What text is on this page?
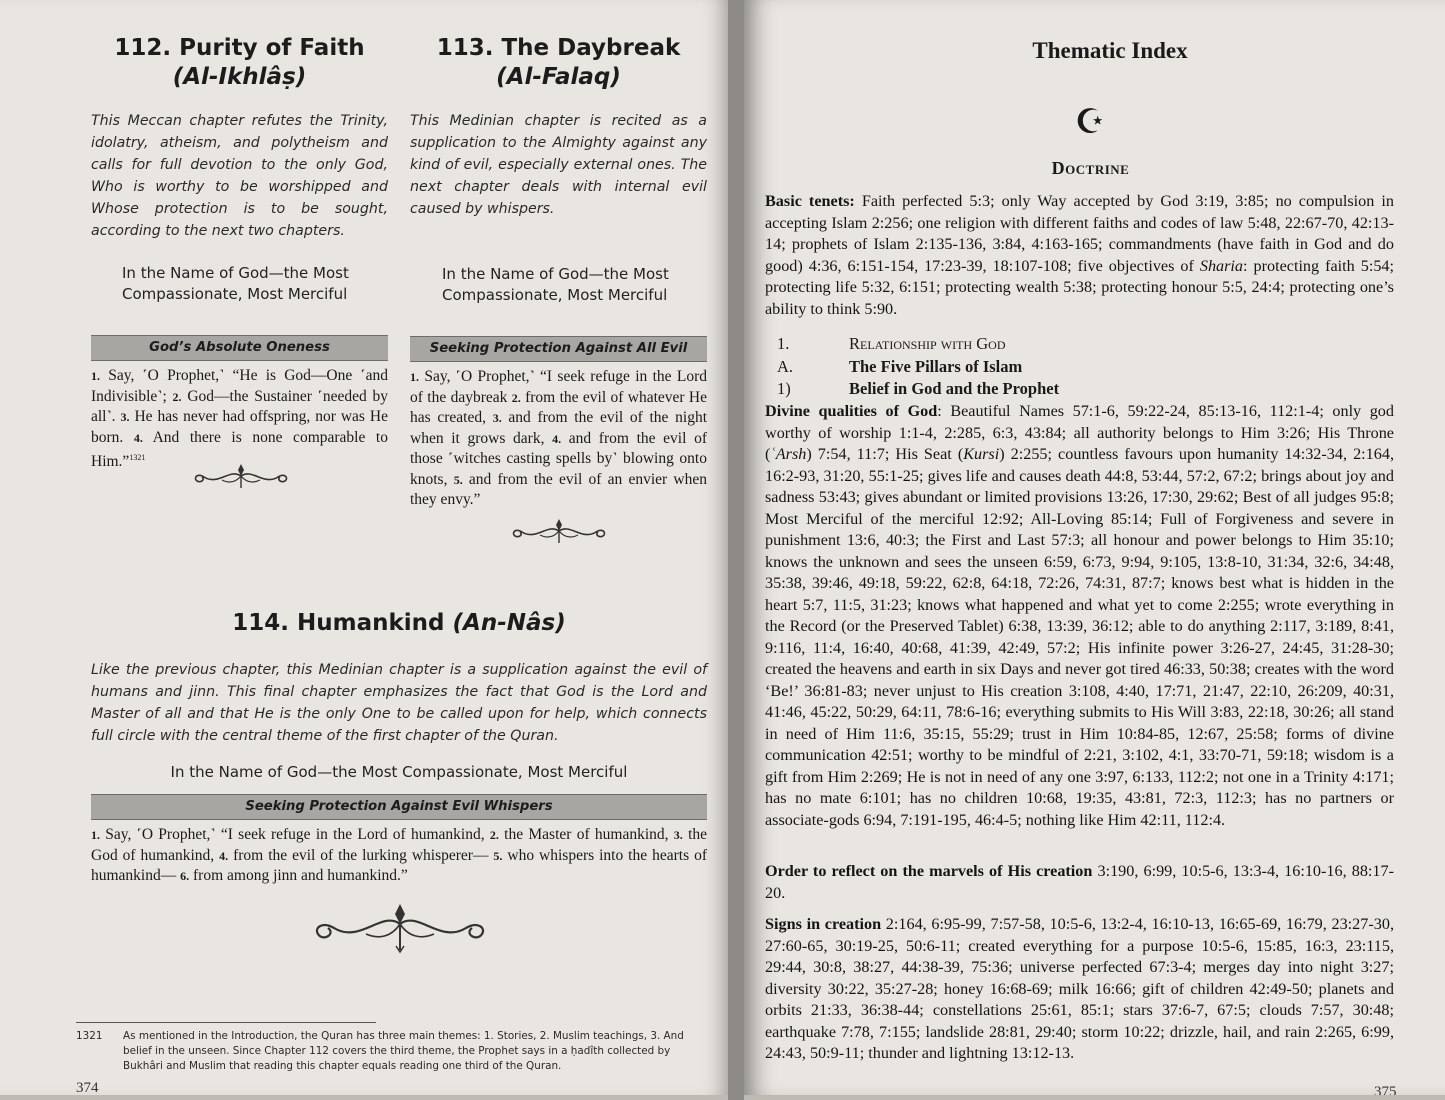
112. Purity of Faith
(Al-Ikhlâṣ)
This Meccan chapter refutes the Trinity, idolatry, atheism, and polytheism and calls for full devotion to the only God, Who is worthy to be worshipped and Whose protection is to be sought, according to the next two chapters.
In the Name of God—the Most Compassionate, Most Merciful
God’s Absolute Oneness
1. Say, ˹O Prophet,˺ “He is God—One ˹and Indivisible˺; 2. God—the Sustainer ˹needed by all˺. 3. He has never had offspring, nor was He born. 4. And there is none comparable to Him.”$^{1321}$
113. The Daybreak
(Al-Falaq)
This Medinian chapter is recited as a supplication to the Almighty against any kind of evil, especially external ones. The next chapter deals with internal evil caused by whispers.
In the Name of God—the Most Compassionate, Most Merciful
Seeking Protection Against All Evil
1. Say, ˹O Prophet,˺ “I seek refuge in the Lord of the daybreak 2. from the evil of whatever He has created, 3. and from the evil of the night when it grows dark, 4. and from the evil of those ˹witches casting spells by˺ blowing onto knots, 5. and from the evil of an envier when they envy.”
114. Humankind (An-Nâs)
Like the previous chapter, this Medinian chapter is a supplication against the evil of humans and jinn. This final chapter emphasizes the fact that God is the Lord and Master of all and that He is the only One to be called upon for help, which connects full circle with the central theme of the first chapter of the Quran.
In the Name of God—the Most Compassionate, Most Merciful
Seeking Protection Against Evil Whispers
1. Say, ˹O Prophet,˺ “I seek refuge in the Lord of humankind, 2. the Master of humankind, 3. the God of humankind, 4. from the evil of the lurking whisperer— 5. who whispers into the hearts of humankind— 6. from among jinn and humankind.”
1321 As mentioned in the Introduction, the Quran has three main themes: 1. Stories, 2. Muslim teachings, 3. And belief in the unseen. Since Chapter 112 covers the third theme, the Prophet says in a ḥadîth collected by Bukhâri and Muslim that reading this chapter equals reading one third of the Quran.
374
Thematic Index
☪
Doctrine
Basic tenets: Faith perfected 5:3; only Way accepted by God 3:19, 3:85; no compulsion in accepting Islam 2:256; one religion with different faiths and codes of law 5:48, 22:67-70, 42:13-14; prophets of Islam 2:135-136, 3:84, 4:163-165; commandments (have faith in God and do good) 4:36, 6:151-154, 17:23-39, 18:107-108; five objectives of Sharia: protecting faith 5:54; protecting life 5:32, 6:151; protecting wealth 5:38; protecting honour 5:5, 24:4; protecting one’s ability to think 5:90.
1.	Relationship with God
A.	The Five Pillars of Islam
1)	Belief in God and the Prophet
Divine qualities of God: Beautiful Names 57:1-6, 59:22-24, 85:13-16, 112:1-4; only god worthy of worship 1:1-4, 2:285, 6:3, 43:84; all authority belongs to Him 3:26; His Throne (ʿArsh) 7:54, 11:7; His Seat (Kursi) 2:255; countless favours upon humanity 14:32-34, 2:164, 16:2-93, 31:20, 55:1-25; gives life and causes death 44:8, 53:44, 57:2, 67:2; brings about joy and sadness 53:43; gives abundant or limited provisions 13:26, 17:30, 29:62; Best of all judges 95:8; Most Merciful of the merciful 12:92; All-Loving 85:14; Full of Forgiveness and severe in punishment 13:6, 40:3; the First and Last 57:3; all honour and power belongs to Him 35:10; knows the unknown and sees the unseen 6:59, 6:73, 9:94, 9:105, 13:8-10, 31:34, 32:6, 34:48, 35:38, 39:46, 49:18, 59:22, 62:8, 64:18, 72:26, 74:31, 87:7; knows best what is hidden in the heart 5:7, 11:5, 31:23; knows what happened and what yet to come 2:255; wrote everything in the Record (or the Preserved Tablet) 6:38, 13:39, 36:12; able to do anything 2:117, 3:189, 8:41, 9:116, 11:4, 16:40, 40:68, 41:39, 42:49, 57:2; His infinite power 3:26-27, 24:45, 31:28-30; created the heavens and earth in six Days and never got tired 46:33, 50:38; creates with the word ‘Be!’ 36:81-83; never unjust to His creation 3:108, 4:40, 17:71, 21:47, 22:10, 26:209, 40:31, 41:46, 45:22, 50:29, 64:11, 78:6-16; everything submits to His Will 3:83, 22:18, 30:26; all stand in need of Him 11:6, 35:15, 55:29; trust in Him 10:84-85, 12:67, 25:58; forms of divine communication 42:51; worthy to be mindful of 2:21, 3:102, 4:1, 33:70-71, 59:18; wisdom is a gift from Him 2:269; He is not in need of any one 3:97, 6:133, 112:2; not one in a Trinity 4:171; has no mate 6:101; has no children 10:68, 19:35, 43:81, 72:3, 112:3; has no partners or associate-gods 6:94, 7:191-195, 46:4-5; nothing like Him 42:11, 112:4.
Order to reflect on the marvels of His creation 3:190, 6:99, 10:5-6, 13:3-4, 16:10-16, 88:17-20.
Signs in creation 2:164, 6:95-99, 7:57-58, 10:5-6, 13:2-4, 16:10-13, 16:65-69, 16:79, 23:27-30, 27:60-65, 30:19-25, 50:6-11; created everything for a purpose 10:5-6, 15:85, 16:3, 23:115, 29:44, 30:8, 38:27, 44:38-39, 75:36; universe perfected 67:3-4; merges day into night 3:27; diversity 30:22, 35:27-28; honey 16:68-69; milk 16:66; gift of children 42:49-50; planets and orbits 21:33, 36:38-44; constellations 25:61, 85:1; stars 37:6-7, 67:5; clouds 7:57, 30:48; earthquake 7:78, 7:155; landslide 28:81, 29:40; storm 10:22; drizzle, hail, and rain 2:265, 6:99, 24:43, 50:9-11; thunder and lightning 13:12-13.
375
